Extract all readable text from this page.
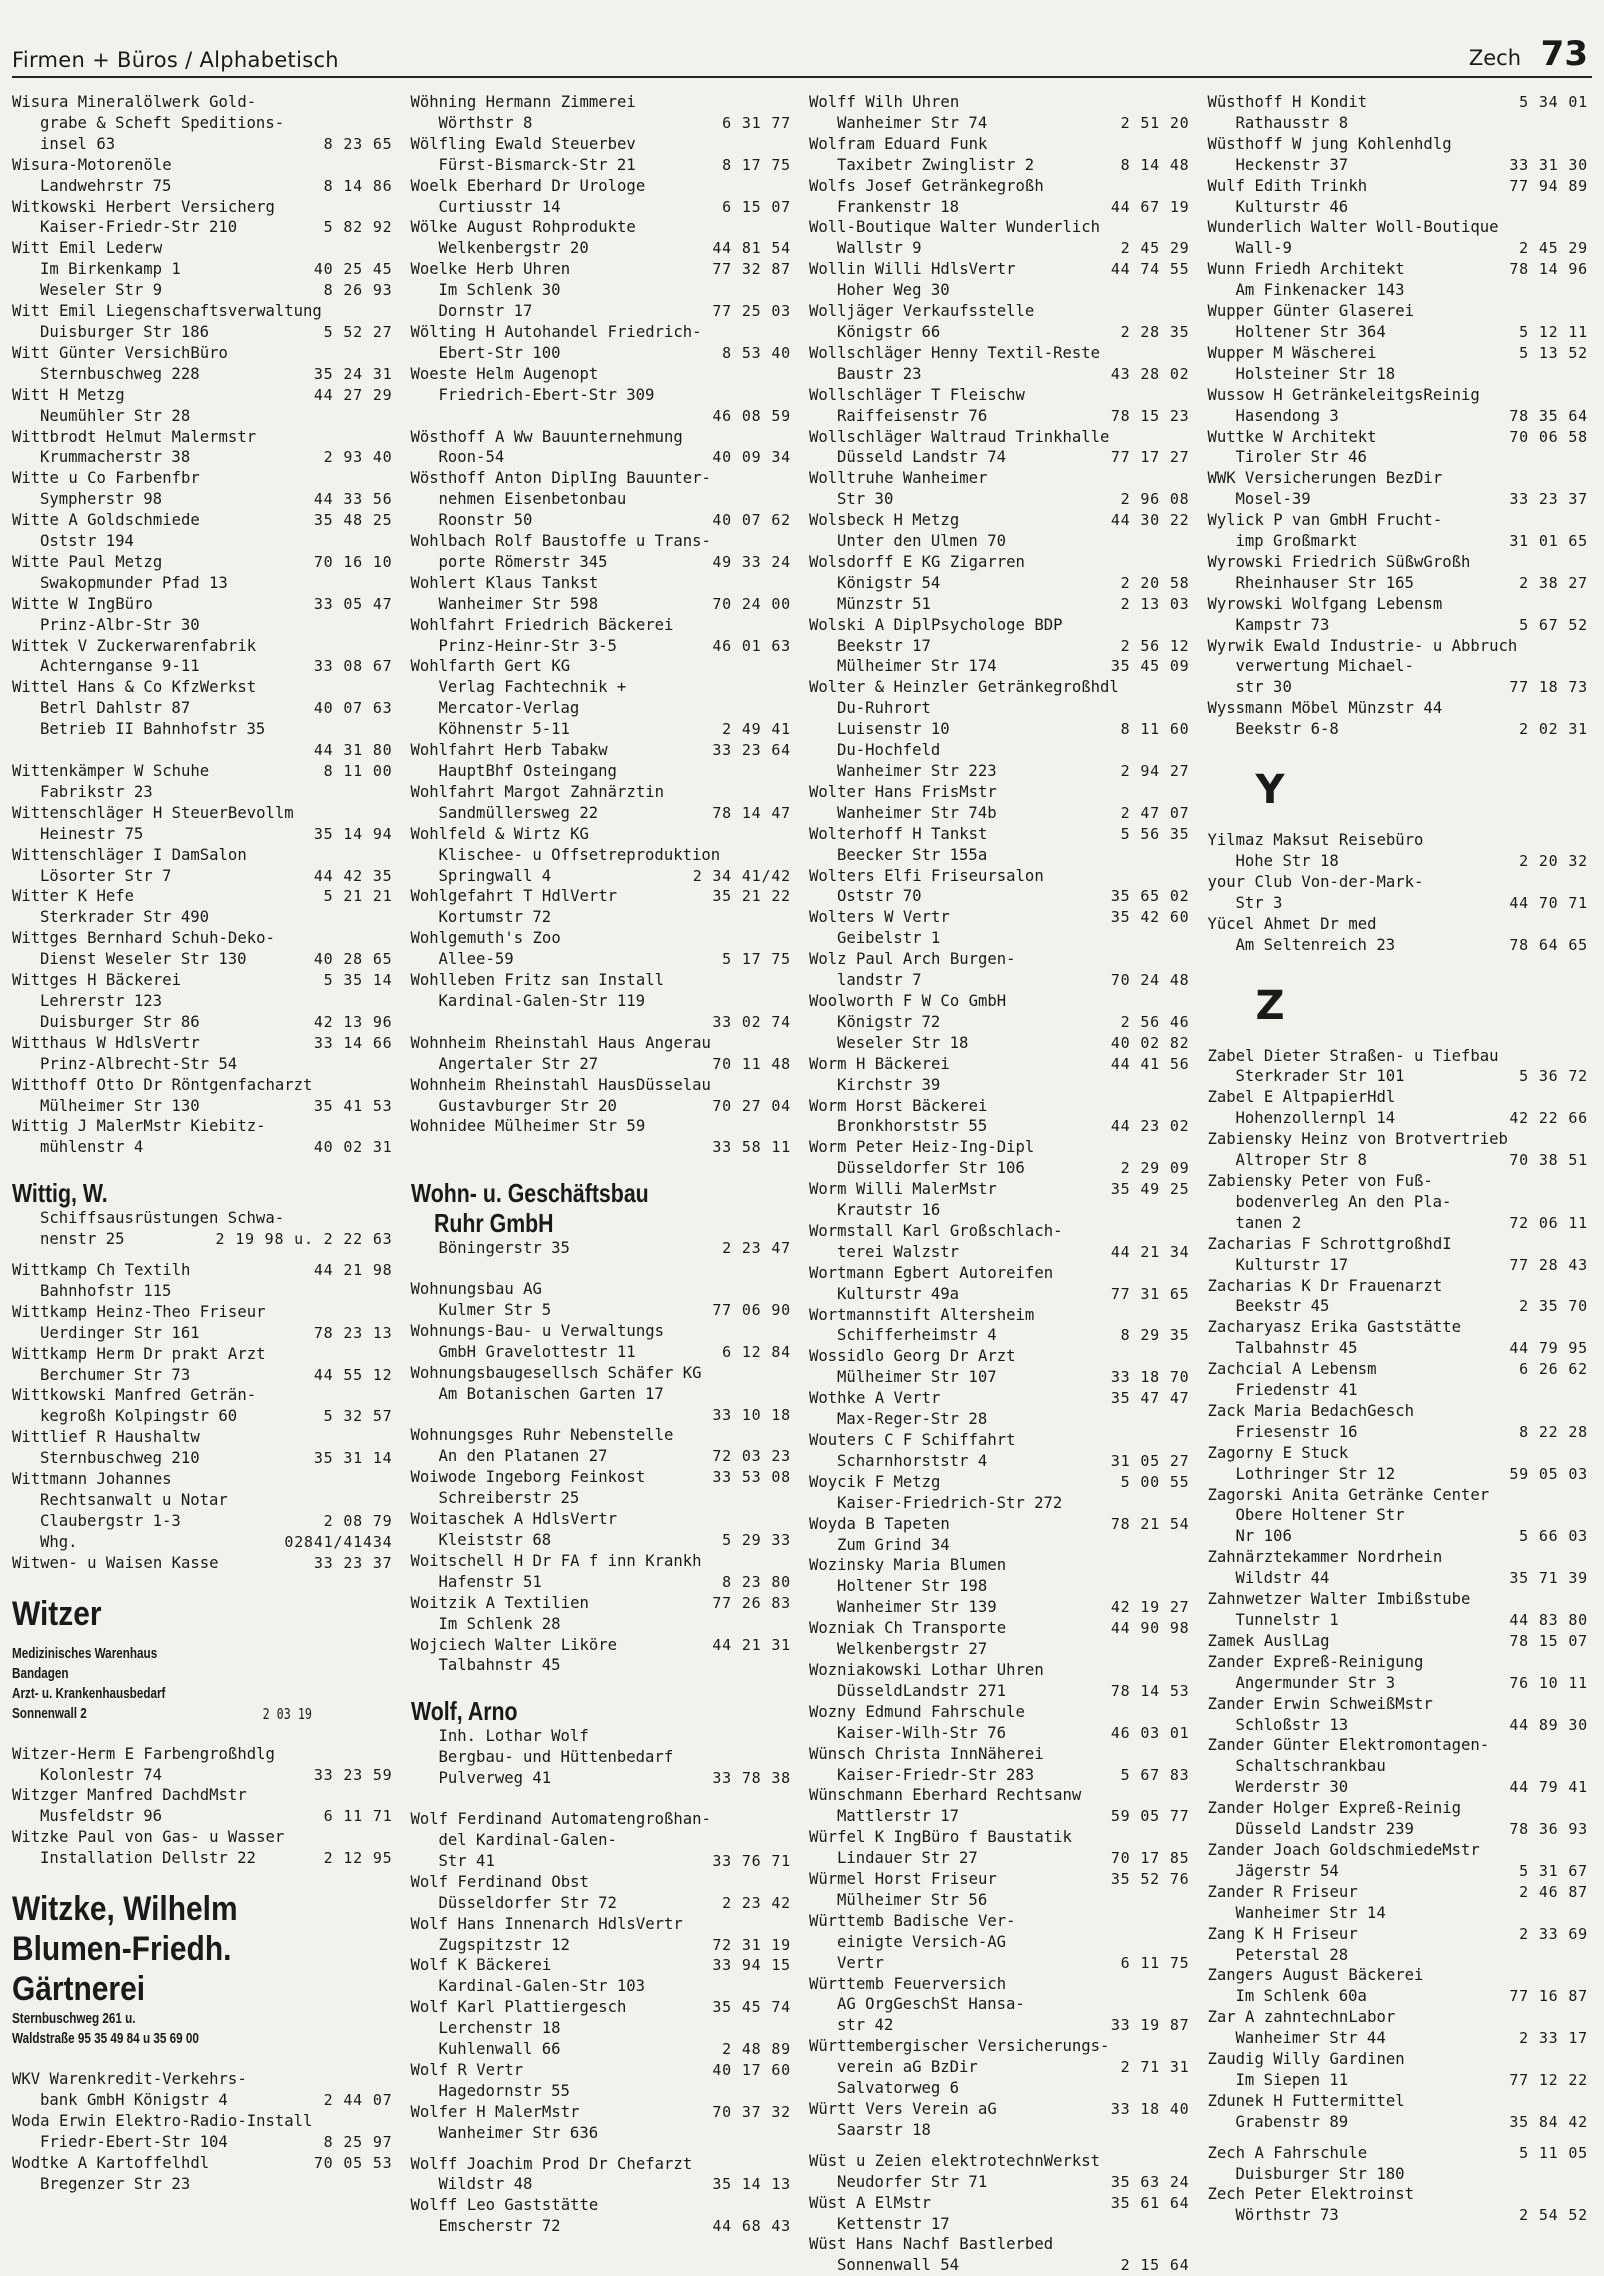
Firmen + Büros / Alphabetisch	Zech 73
Wisura Mineralölwerk Gold-
grabe & Scheft Speditions-
insel 63	8 23 65
Wisura-Motorenöle
Landwehrstr 75	8 14 86
Witkowski Herbert Versicherg
Kaiser-Friedr-Str 210	5 82 92
Witt Emil Lederw
Im Birkenkamp 1	40 25 45
Weseler Str 9	8 26 93
Witt Emil Liegenschaftsverwaltung
Duisburger Str 186	5 52 27
Witt Günter VersichBüro
Sternbuschweg 228	35 24 31
Witt H Metzg	44 27 29
Neumühler Str 28
Wittbrodt Helmut Malermstr
Krummacherstr 38	2 93 40
Witte u Co Farbenfbr
Sympherstr 98	44 33 56
Witte A Goldschmiede	35 48 25
Oststr 194
Witte Paul Metzg	70 16 10
Swakopmunder Pfad 13
Witte W IngBüro	33 05 47
Prinz-Albr-Str 30
Wittek V Zuckerwarenfabrik
Achternganse 9-11	33 08 67
Wittel Hans & Co KfzWerkst
Betrl Dahlstr 87	40 07 63
Betrieb II Bahnhofstr 35
44 31 80
Wittenkämper W Schuhe	8 11 00
Fabrikstr 23
Wittenschläger H SteuerBevollm
Heinestr 75	35 14 94
Wittenschläger I DamSalon
Lösorter Str 7	44 42 35
Witter K Hefe	5 21 21
Sterkrader Str 490
Wittges Bernhard Schuh-Deko-
Dienst Weseler Str 130	40 28 65
Wittges H Bäckerei	5 35 14
Lehrerstr 123
Duisburger Str 86	42 13 96
Witthaus W HdlsVertr	33 14 66
Prinz-Albrecht-Str 54
Witthoff Otto Dr Röntgenfacharzt
Mülheimer Str 130	35 41 53
Wittig J MalerMstr Kiebitz-
mühlenstr 4	40 02 31
Wittig, W.
Schiffsausrüstungen Schwa-
nenstr 25	2 19 98 u. 2 22 63
Wittkamp Ch Textilh	44 21 98
Bahnhofstr 115
Wittkamp Heinz-Theo Friseur
Uerdinger Str 161	78 23 13
Wittkamp Herm Dr prakt Arzt
Berchumer Str 73	44 55 12
Wittkowski Manfred Geträn-
kegroßh Kolpingstr 60	5 32 57
Wittlief R Haushaltw
Sternbuschweg 210	35 31 14
Wittmann Johannes
Rechtsanwalt u Notar
Claubergstr 1-3	2 08 79
Whg.	02841/41434
Witwen- u Waisen Kasse	33 23 37
Witzer
Medizinisches Warenhaus
Bandagen
Arzt- u. Krankenhausbedarf
Sonnenwall 2	2 03 19
Witzer-Herm E Farbengroßhdlg
Kolonlestr 74	33 23 59
Witzger Manfred DachdMstr
Musfeldstr 96	6 11 71
Witzke Paul von Gas- u Wasser
Installation Dellstr 22	2 12 95
Witzke, Wilhelm
Blumen-Friedh.
Gärtnerei
Sternbuschweg 261 u.
Waldstraße 95 35 49 84 u 35 69 00
WKV Warenkredit-Verkehrs-
bank GmbH Königstr 4	2 44 07
Woda Erwin Elektro-Radio-Install
Friedr-Ebert-Str 104	8 25 97
Wodtke A Kartoffelhdl	70 05 53
Bregenzer Str 23
Wöhning Hermann Zimmerei
Wörthstr 8	6 31 77
Wölfling Ewald Steuerbev
Fürst-Bismarck-Str 21	8 17 75
Woelk Eberhard Dr Urologe
Curtiusstr 14	6 15 07
Wölke August Rohprodukte
Welkenbergstr 20	44 81 54
Woelke Herb Uhren	77 32 87
Im Schlenk 30
Dornstr 17	77 25 03
Wölting H Autohandel Friedrich-
Ebert-Str 100	8 53 40
Woeste Helm Augenopt
Friedrich-Ebert-Str 309
46 08 59
Wösthoff A Ww Bauunternehmung
Roon-54	40 09 34
Wösthoff Anton DiplIng Bauunter-
nehmen Eisenbetonbau
Roonstr 50	40 07 62
Wohlbach Rolf Baustoffe u Trans-
porte Römerstr 345	49 33 24
Wohlert Klaus Tankst
Wanheimer Str 598	70 24 00
Wohlfahrt Friedrich Bäckerei
Prinz-Heinr-Str 3-5	46 01 63
Wohlfarth Gert KG
Verlag Fachtechnik +
Mercator-Verlag
Köhnenstr 5-11	2 49 41
Wohlfahrt Herb Tabakw	33 23 64
HauptBhf Osteingang
Wohlfahrt Margot Zahnärztin
Sandmüllersweg 22	78 14 47
Wohlfeld & Wirtz KG
Klischee- u Offsetreproduktion
Springwall 4	2 34 41/42
Wohlgefahrt T HdlVertr	35 21 22
Kortumstr 72
Wohlgemuth's Zoo
Allee-59	5 17 75
Wohlleben Fritz san Install
Kardinal-Galen-Str 119
33 02 74
Wohnheim Rheinstahl Haus Angerau
Angertaler Str 27	70 11 48
Wohnheim Rheinstahl HausDüsselau
Gustavburger Str 20	70 27 04
Wohnidee Mülheimer Str 59
33 58 11
Wohn- u. Geschäftsbau
Ruhr GmbH
Böningerstr 35	2 23 47
Wohnungsbau AG
Kulmer Str 5	77 06 90
Wohnungs-Bau- u Verwaltungs
GmbH Gravelottestr 11	6 12 84
Wohnungsbaugesellsch Schäfer KG
Am Botanischen Garten 17
33 10 18
Wohnungsges Ruhr Nebenstelle
An den Platanen 27	72 03 23
Woiwode Ingeborg Feinkost	33 53 08
Schreiberstr 25
Woitaschek A HdlsVertr
Kleiststr 68	5 29 33
Woitschell H Dr FA f inn Krankh
Hafenstr 51	8 23 80
Woitzik A Textilien	77 26 83
Im Schlenk 28
Wojciech Walter Liköre	44 21 31
Talbahnstr 45
Wolf, Arno
Inh. Lothar Wolf
Bergbau- und Hüttenbedarf
Pulverweg 41	33 78 38
Wolf Ferdinand Automatengroßhan-
del Kardinal-Galen-
Str 41	33 76 71
Wolf Ferdinand Obst
Düsseldorfer Str 72	2 23 42
Wolf Hans Innenarch HdlsVertr
Zugspitzstr 12	72 31 19
Wolf K Bäckerei	33 94 15
Kardinal-Galen-Str 103
Wolf Karl Plattiergesch	35 45 74
Lerchenstr 18
Kuhlenwall 66	2 48 89
Wolf R Vertr	40 17 60
Hagedornstr 55
Wolfer H MalerMstr	70 37 32
Wanheimer Str 636
Wolff Joachim Prod Dr Chefarzt
Wildstr 48	35 14 13
Wolff Leo Gaststätte
Emscherstr 72	44 68 43
Wolff Wilh Uhren
Wanheimer Str 74	2 51 20
Wolfram Eduard Funk
Taxibetr Zwinglistr 2	8 14 48
Wolfs Josef Getränkegroßh
Frankenstr 18	44 67 19
Woll-Boutique Walter Wunderlich
Wallstr 9	2 45 29
Wollin Willi HdlsVertr	44 74 55
Hoher Weg 30
Wolljäger Verkaufsstelle
Königstr 66	2 28 35
Wollschläger Henny Textil-Reste
Baustr 23	43 28 02
Wollschläger T Fleischw
Raiffeisenstr 76	78 15 23
Wollschläger Waltraud Trinkhalle
Düsseld Landstr 74	77 17 27
Wolltruhe Wanheimer
Str 30	2 96 08
Wolsbeck H Metzg	44 30 22
Unter den Ulmen 70
Wolsdorff E KG Zigarren
Königstr 54	2 20 58
Münzstr 51	2 13 03
Wolski A DiplPsychologe BDP
Beekstr 17	2 56 12
Mülheimer Str 174	35 45 09
Wolter & Heinzler Getränkegroßhdl
Du-Ruhrort
Luisenstr 10	8 11 60
Du-Hochfeld
Wanheimer Str 223	2 94 27
Wolter Hans FrisMstr
Wanheimer Str 74b	2 47 07
Wolterhoff H Tankst	5 56 35
Beecker Str 155a
Wolters Elfi Friseursalon
Oststr 70	35 65 02
Wolters W Vertr	35 42 60
Geibelstr 1
Wolz Paul Arch Burgen-
landstr 7	70 24 48
Woolworth F W Co GmbH
Königstr 72	2 56 46
Weseler Str 18	40 02 82
Worm H Bäckerei	44 41 56
Kirchstr 39
Worm Horst Bäckerei
Bronkhorststr 55	44 23 02
Worm Peter Heiz-Ing-Dipl
Düsseldorfer Str 106	2 29 09
Worm Willi MalerMstr	35 49 25
Krautstr 16
Wormstall Karl Großschlach-
terei Walzstr	44 21 34
Wortmann Egbert Autoreifen
Kulturstr 49a	77 31 65
Wortmannstift Altersheim
Schifferheimstr 4	8 29 35
Wossidlo Georg Dr Arzt
Mülheimer Str 107	33 18 70
Wothke A Vertr	35 47 47
Max-Reger-Str 28
Wouters C F Schiffahrt
Scharnhorststr 4	31 05 27
Woycik F Metzg	5 00 55
Kaiser-Friedrich-Str 272
Woyda B Tapeten	78 21 54
Zum Grind 34
Wozinsky Maria Blumen
Holtener Str 198
Wanheimer Str 139	42 19 27
Wozniak Ch Transporte	44 90 98
Welkenbergstr 27
Wozniakowski Lothar Uhren
DüsseldLandstr 271	78 14 53
Wozny Edmund Fahrschule
Kaiser-Wilh-Str 76	46 03 01
Wünsch Christa InnNäherei
Kaiser-Friedr-Str 283	5 67 83
Wünschmann Eberhard Rechtsanw
Mattlerstr 17	59 05 77
Würfel K IngBüro f Baustatik
Lindauer Str 27	70 17 85
Würmel Horst Friseur	35 52 76
Mülheimer Str 56
Württemb Badische Ver-
einigte Versich-AG
Vertr	6 11 75
Württemb Feuerversich
AG OrgGeschSt Hansa-
str 42	33 19 87
Württembergischer Versicherungs-
verein aG BzDir	2 71 31
Salvatorweg 6
Württ Vers Verein aG	33 18 40
Saarstr 18
Wüst u Zeien elektrotechnWerkst
Neudorfer Str 71	35 63 24
Wüst A ElMstr	35 61 64
Kettenstr 17
Wüst Hans Nachf Bastlerbed
Sonnenwall 54	2 15 64
Wüsthoff H Kondit	5 34 01
Rathausstr 8
Wüsthoff W jung Kohlenhdlg
Heckenstr 37	33 31 30
Wulf Edith Trinkh	77 94 89
Kulturstr 46
Wunderlich Walter Woll-Boutique
Wall-9	2 45 29
Wunn Friedh Architekt	78 14 96
Am Finkenacker 143
Wupper Günter Glaserei
Holtener Str 364	5 12 11
Wupper M Wäscherei	5 13 52
Holsteiner Str 18
Wussow H GetränkeleitgsReinig
Hasendong 3	78 35 64
Wuttke W Architekt	70 06 58
Tiroler Str 46
WWK Versicherungen BezDir
Mosel-39	33 23 37
Wylick P van GmbH Frucht-
imp Großmarkt	31 01 65
Wyrowski Friedrich SüßwGroßh
Rheinhauser Str 165	2 38 27
Wyrowski Wolfgang Lebensm
Kampstr 73	5 67 52
Wyrwik Ewald Industrie- u Abbruch
verwertung Michael-
str 30	77 18 73
Wyssmann Möbel Münzstr 44
Beekstr 6-8	2 02 31
Y
Yilmaz Maksut Reisebüro
Hohe Str 18	2 20 32
your Club Von-der-Mark-
Str 3	44 70 71
Yücel Ahmet Dr med
Am Seltenreich 23	78 64 65
Z
Zabel Dieter Straßen- u Tiefbau
Sterkrader Str 101	5 36 72
Zabel E AltpapierHdl
Hohenzollernpl 14	42 22 66
Zabiensky Heinz von Brotvertrieb
Altroper Str 8	70 38 51
Zabiensky Peter von Fuß-
bodenverleg An den Pla-
tanen 2	72 06 11
Zacharias F SchrottgroßhdI
Kulturstr 17	77 28 43
Zacharias K Dr Frauenarzt
Beekstr 45	2 35 70
Zacharyasz Erika Gaststätte
Talbahnstr 45	44 79 95
Zachcial A Lebensm	6 26 62
Friedenstr 41
Zack Maria BedachGesch
Friesenstr 16	8 22 28
Zagorny E Stuck
Lothringer Str 12	59 05 03
Zagorski Anita Getränke Center
Obere Holtener Str
Nr 106	5 66 03
Zahnärztekammer Nordrhein
Wildstr 44	35 71 39
Zahnwetzer Walter Imbißstube
Tunnelstr 1	44 83 80
Zamek AuslLag	78 15 07
Zander Expreß-Reinigung
Angermunder Str 3	76 10 11
Zander Erwin SchweißMstr
Schloßstr 13	44 89 30
Zander Günter Elektromontagen-
Schaltschrankbau
Werderstr 30	44 79 41
Zander Holger Expreß-Reinig
Düsseld Landstr 239	78 36 93
Zander Joach GoldschmiedeMstr
Jägerstr 54	5 31 67
Zander R Friseur	2 46 87
Wanheimer Str 14
Zang K H Friseur	2 33 69
Peterstal 28
Zangers August Bäckerei
Im Schlenk 60a	77 16 87
Zar A zahntechnLabor
Wanheimer Str 44	2 33 17
Zaudig Willy Gardinen
Im Siepen 11	77 12 22
Zdunek H Futtermittel
Grabenstr 89	35 84 42
Zech A Fahrschule	5 11 05
Duisburger Str 180
Zech Peter Elektroinst
Wörthstr 73	2 54 52
